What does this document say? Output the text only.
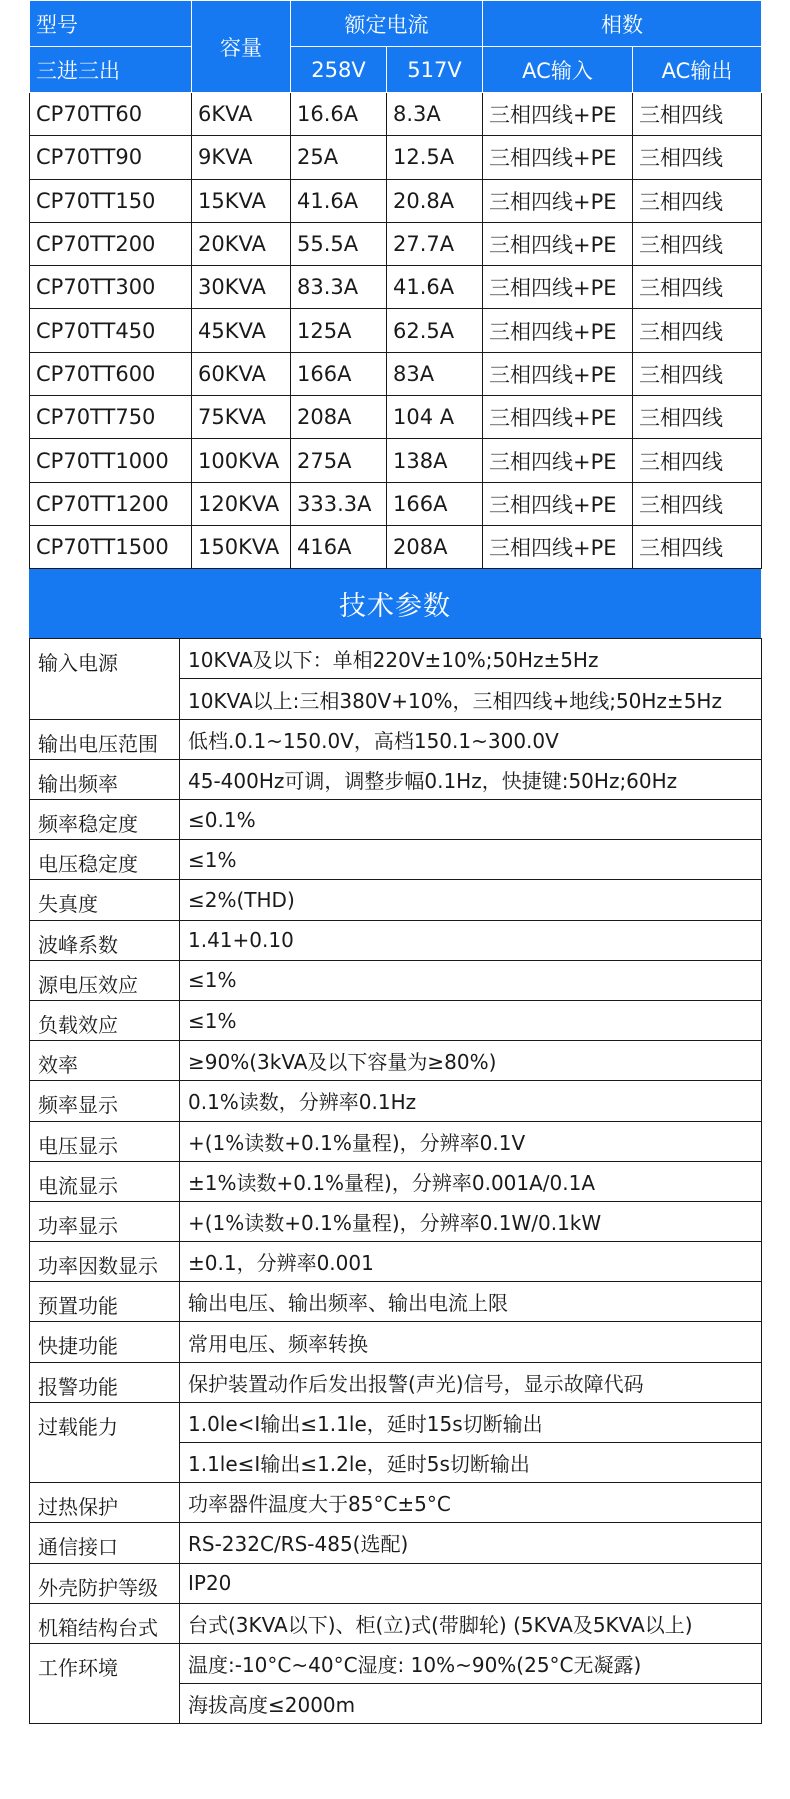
型号	容量	额定电流		相数	
三进三出		258V	517V	AC输入	AC输出
CP70TT60	6KVA	16.6A	8.3A	三相四线+PE	三相四线
CP70TT90	9KVA	25A	12.5A	三相四线+PE	三相四线
CP70TT150	15KVA	41.6A	20.8A	三相四线+PE	三相四线
CP70TT200	20KVA	55.5A	27.7A	三相四线+PE	三相四线
CP70TT300	30KVA	83.3A	41.6A	三相四线+PE	三相四线
CP70TT450	45KVA	125A	62.5A	三相四线+PE	三相四线
CP70TT600	60KVA	166A	83A	三相四线+PE	三相四线
CP70TT750	75KVA	208A	104 A	三相四线+PE	三相四线
CP70TT1000	100KVA	275A	138A	三相四线+PE	三相四线
CP70TT1200	120KVA	333.3A	166A	三相四线+PE	三相四线
CP70TT1500	150KVA	416A	208A	三相四线+PE	三相四线
技术参数
输入电源	10KVA及以下：单相220V±10%;50Hz±5Hz
	10KVA以上:三相380V+10%，三相四线+地线;50Hz±5Hz
输出电压范围	低档.0.1~150.0V，高档150.1~300.0V
输出频率	45-400Hz可调，调整步幅0.1Hz，快捷键:50Hz;60Hz
频率稳定度	≤0.1%
电压稳定度	≤1%
失真度	≤2%(THD)
波峰系数	1.41+0.10
源电压效应	≤1%
负载效应	≤1%
效率	≥90%(3kVA及以下容量为≥80%)
频率显示	0.1%读数，分辨率0.1Hz
电压显示	+(1%读数+0.1%量程)，分辨率0.1V
电流显示	±1%读数+0.1%量程)，分辨率0.001A/0.1A
功率显示	+(1%读数+0.1%量程)，分辨率0.1W/0.1kW
功率因数显示	±0.1，分辨率0.001
预置功能	输出电压、输出频率、输出电流上限
快捷功能	常用电压、频率转换
报警功能	保护装置动作后发出报警(声光)信号，显示故障代码
过载能力	1.0le<I输出≤1.1le，延时15s切断输出
	1.1le≤I输出≤1.2le，延时5s切断输出
过热保护	功率器件温度大于85°C±5°C
通信接口	RS-232C/RS-485(选配)
外壳防护等级	IP20
机箱结构台式	台式(3KVA以下)、柜(立)式(带脚轮) (5KVA及5KVA以上)
工作环境	温度:-10°C~40°C湿度: 10%~90%(25°C无凝露)
	海拔高度≤2000m
